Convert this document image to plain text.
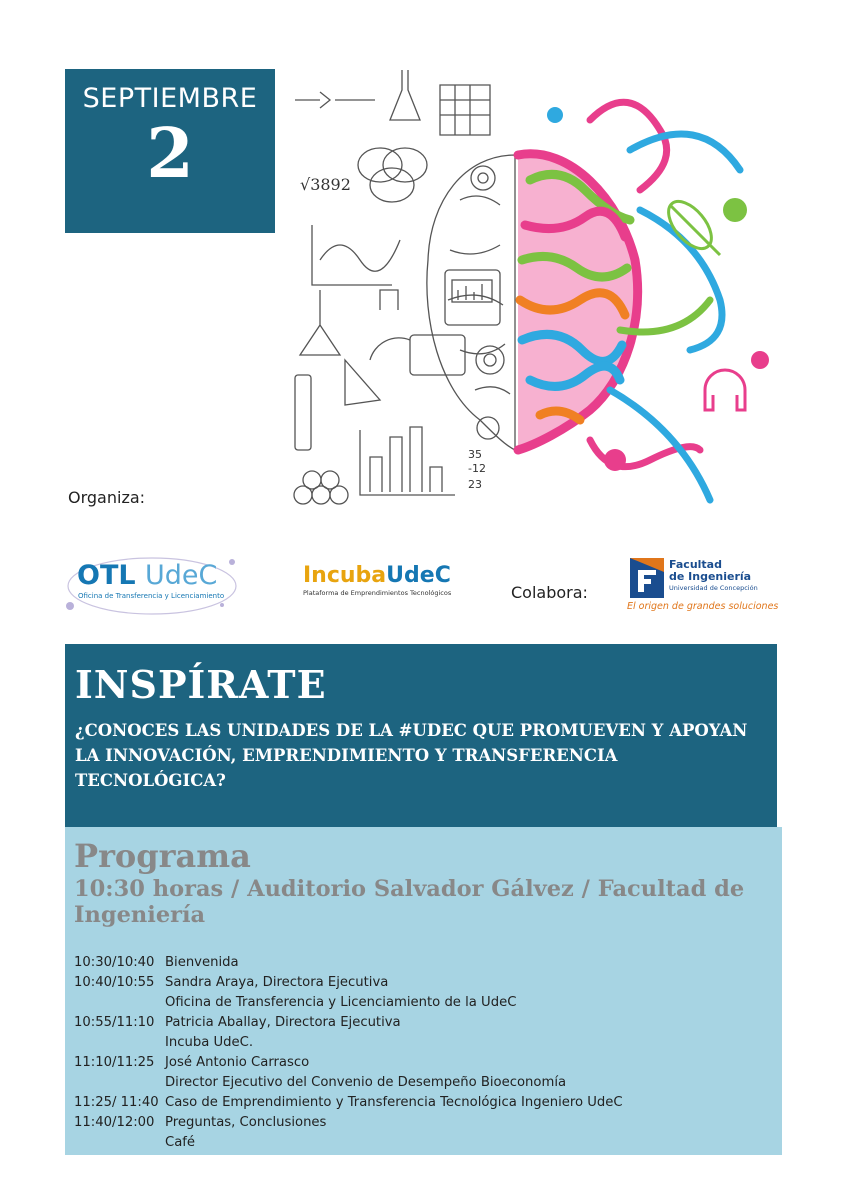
SEPTIEMBRE
2	√3892
35
-12
23
Organiza:
OTL UdeC
Oficina de Transferencia y Licenciamiento
IncubaUdeC
Plataforma de Emprendimientos Tecnológicos	Colabora:
Facultad
de Ingeniería
Universidad de Concepción
El origen de grandes soluciones
INSPÍRATE
¿CONOCES LAS UNIDADES DE LA #UDEC QUE PROMUEVEN Y APOYAN LA INNOVACIÓN, EMPRENDIMIENTO Y TRANSFERENCIA TECNOLÓGICA?
Programa
10:30 horas / Auditorio Salvador Gálvez / Facultad de Ingeniería
10:30/10:40 Bienvenida
10:40/10:55 Sandra Araya, Directora Ejecutiva
Oficina de Transferencia y Licenciamiento de la UdeC
10:55/11:10 Patricia Aballay, Directora Ejecutiva
Incuba UdeC.
11:10/11:25 José Antonio Carrasco
Director Ejecutivo del Convenio de Desempeño Bioeconomía
11:25/ 11:40 Caso de Emprendimiento y Transferencia Tecnológica Ingeniero UdeC
11:40/12:00 Preguntas, Conclusiones
Café
